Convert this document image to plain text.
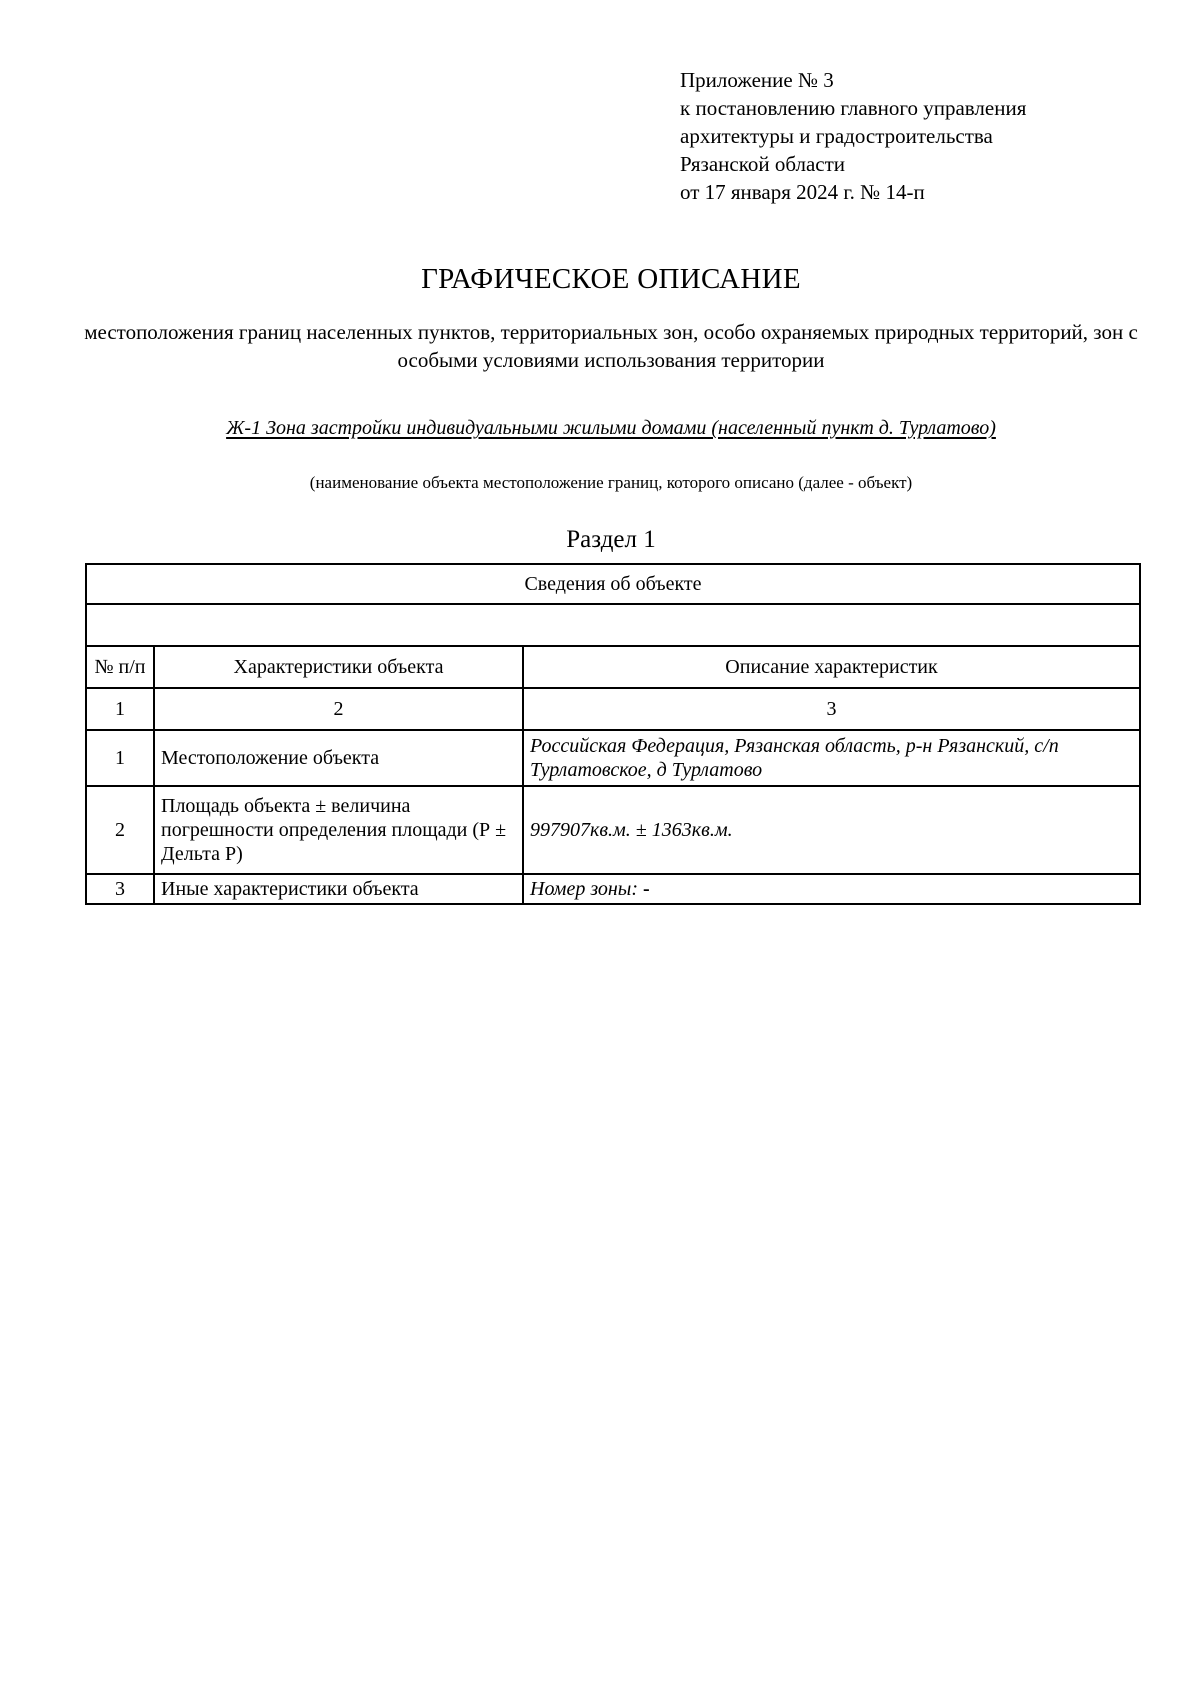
Приложение № 3
к постановлению главного управления
архитектуры и градостроительства
Рязанской области
от 17 января 2024 г. № 14-п
ГРАФИЧЕСКОЕ ОПИСАНИЕ
местоположения границ населенных пунктов, территориальных зон, особо охраняемых природных территорий, зон с особыми условиями использования территории
Ж-1 Зона застройки индивидуальными жилыми домами (населенный пункт д. Турлатово)
(наименование объекта местоположение границ, которого описано (далее - объект)
Раздел 1
Сведения об объекте		

№ п/п	Характеристики объекта	Описание характеристик
1	2	3
1	Местоположение объекта	Российская Федерация, Рязанская область, р-н Рязанский, с/п Турлатовское, д Турлатово
2	Площадь объекта ± величина погрешности определения площади (Р ± Дельта Р)	997907кв.м. ± 1363кв.м.
3	Иные характеристики объекта	Номер зоны: -
